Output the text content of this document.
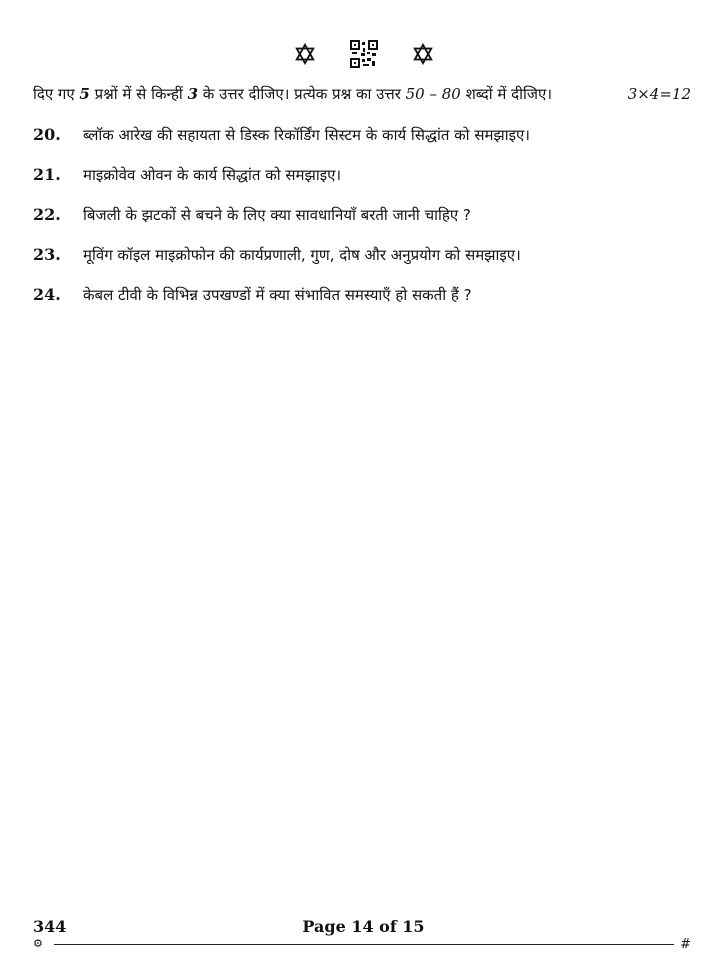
दिए गए 5 प्रश्नों में से किन्हीं 3 के उत्तर दीजिए। प्रत्येक प्रश्न का उत्तर 50 – 80 शब्दों में दीजिए।	3×4=12
20.	ब्लॉक आरेख की सहायता से डिस्क रिकॉर्डिंग सिस्टम के कार्य सिद्धांत को समझाइए।
21.	माइक्रोवेव ओवन के कार्य सिद्धांत को समझाइए।
22.	बिजली के झटकों से बचने के लिए क्या सावधानियाँ बरती जानी चाहिए ?
23.	मूविंग कॉइल माइक्रोफोन की कार्यप्रणाली, गुण, दोष और अनुप्रयोग को समझाइए।
24.	केबल टीवी के विभिन्न उपखण्डों में क्या संभावित समस्याएँ हो सकती हैं ?
344	Page 14 of 15
⚙	#
